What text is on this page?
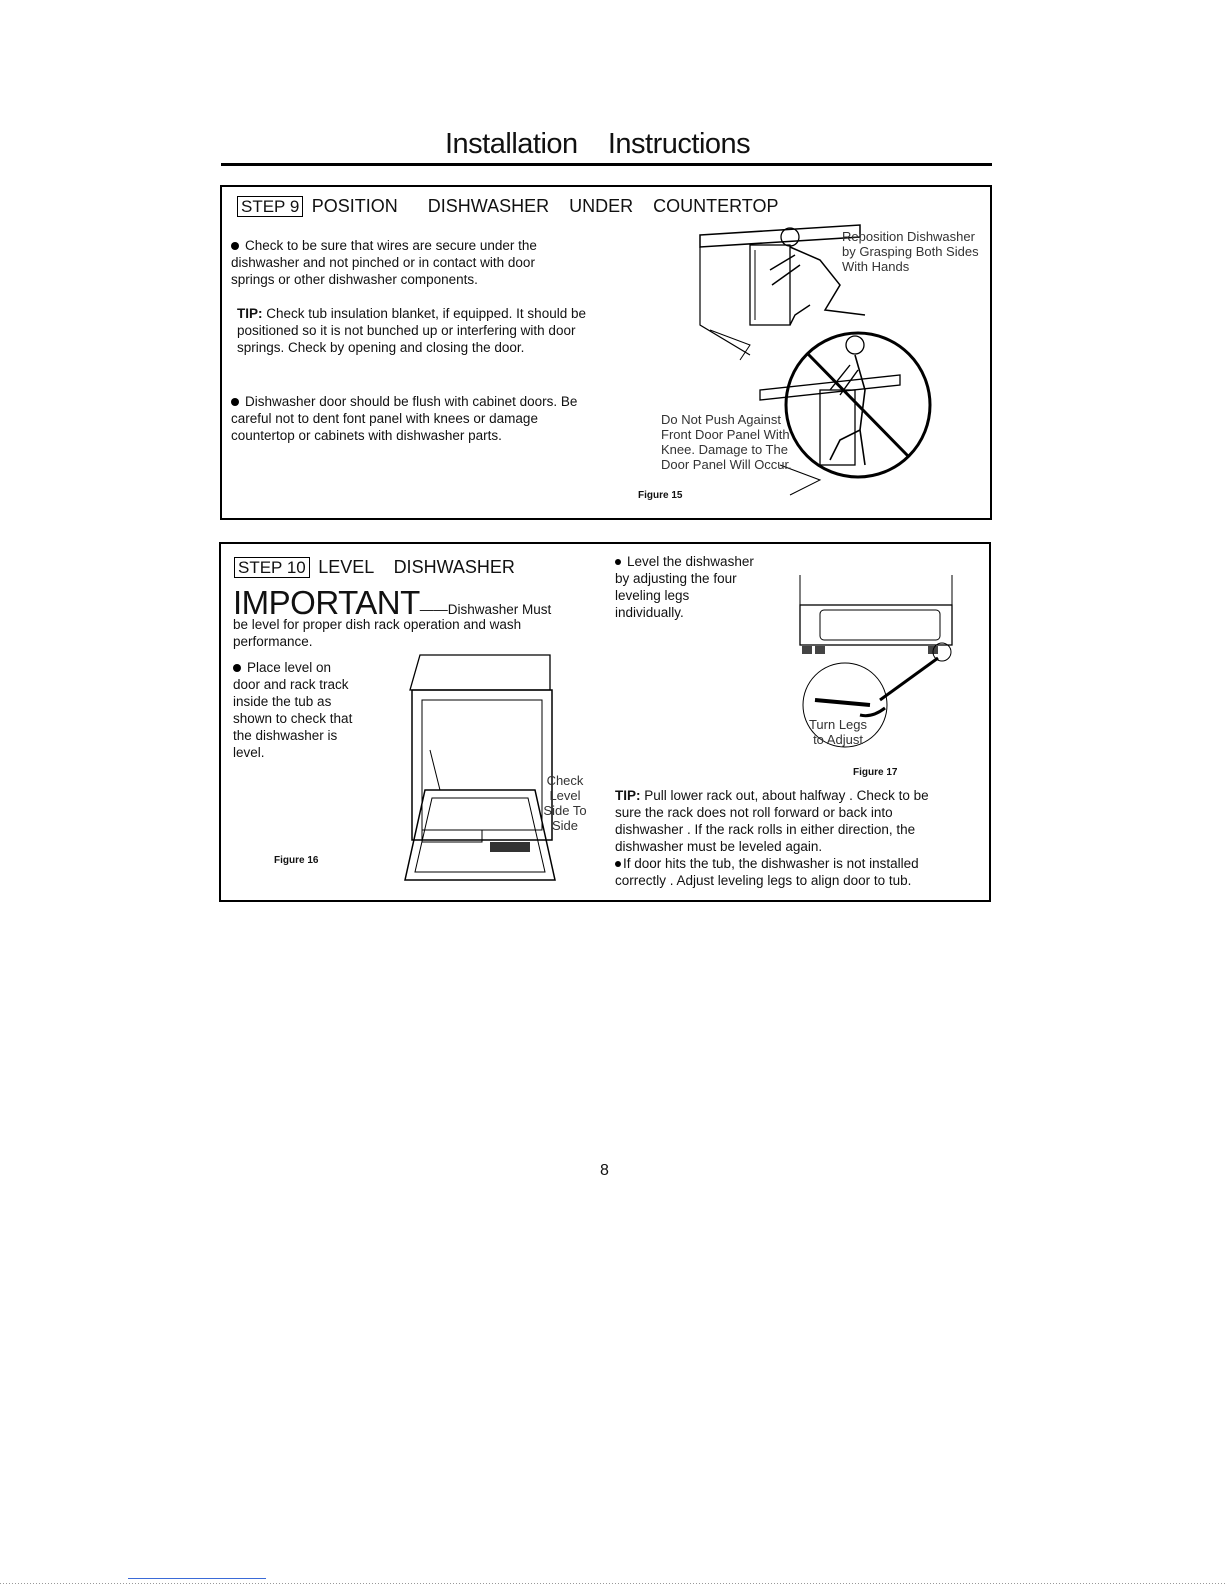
Installation    Instructions
STEP 9 POSITION      DISHWASHER    UNDER    COUNTERTOP
Check to be sure that wires are secure under the dishwasher and not pinched or in contact with door springs or other dishwasher components.
TIP: Check tub insulation blanket, if equipped. It should be positioned so it is not bunched up or interfering with door springs. Check by opening and closing the door.
Dishwasher door should be flush with cabinet doors. Be careful not to dent font panel with knees or damage countertop or cabinets with dishwasher parts.
Reposition Dishwasher by Grasping Both Sides With Hands
Do Not Push Against Front Door Panel With Knee. Damage to The Door Panel Will Occur.
Figure 15
STEP 10 LEVEL    DISHWASHER
IMPORTANT——Dishwasher Must
be level for proper dish rack operation and wash performance.
Place level on door and rack track inside the tub as shown to check that the dishwasher is level.
Check Level Side To Side
Figure 16
Level the dishwasher by adjusting the four leveling legs individually.
Turn Legs to Adjust
Figure 17
TIP: Pull lower rack out, about halfway . Check to be sure the rack does not roll forward or back into dishwasher . If the rack rolls in either direction, the dishwasher must be leveled again.
If door hits the tub, the dishwasher is not installed correctly . Adjust leveling legs to align door to tub.
8
